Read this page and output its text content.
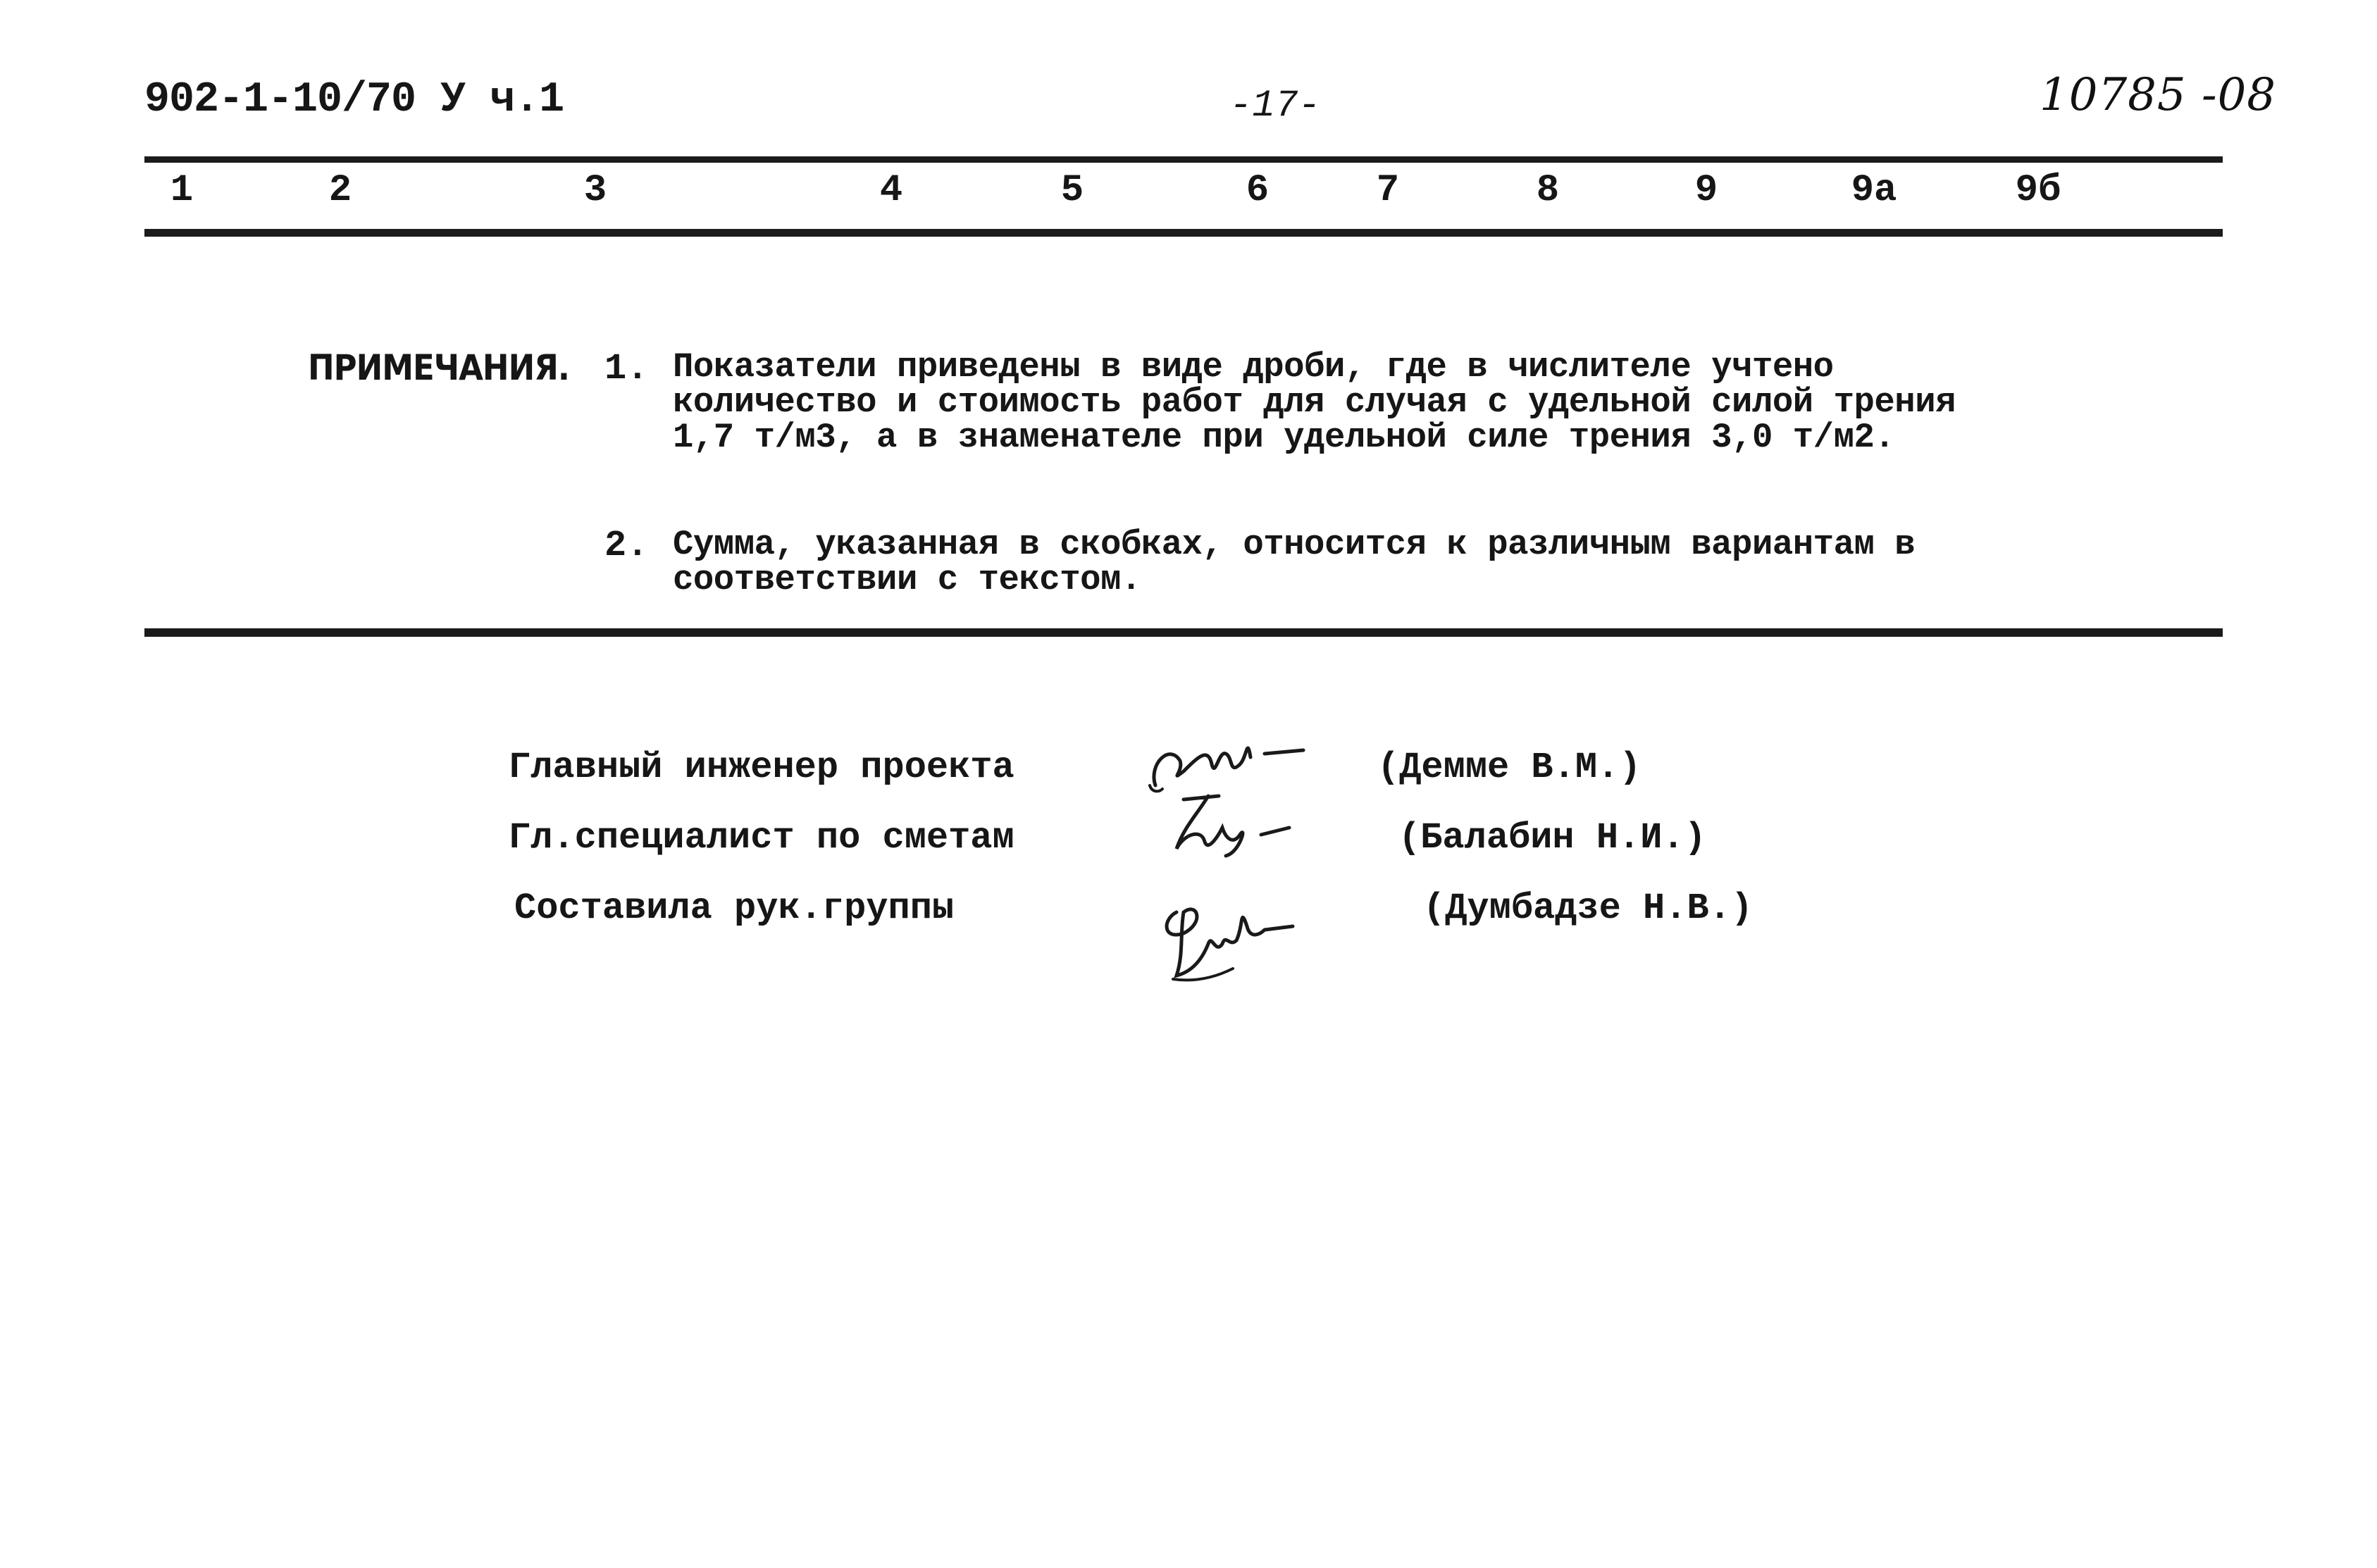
902-1-10/70 У ч.1	-17-	10785 -08
1	2	3	4	5	6	7	8	9	9а	9б
ПРИМЕЧАНИЯ. 1. Показатели приведены в виде дроби, где в числителе учтено количество и стоимость работ для случая с удельной силой трения 1,7 т/м3, а в знаменателе при удельной силе трения 3,0 т/м2.
2. Сумма, указанная в скобках, относится к различным вариантам в соответствии с текстом.
Главный инженер проекта	(Демме В.М.)
Гл.специалист по сметам	(Балабин Н.И.)
Составила рук.группы	(Думбадзе Н.В.)
